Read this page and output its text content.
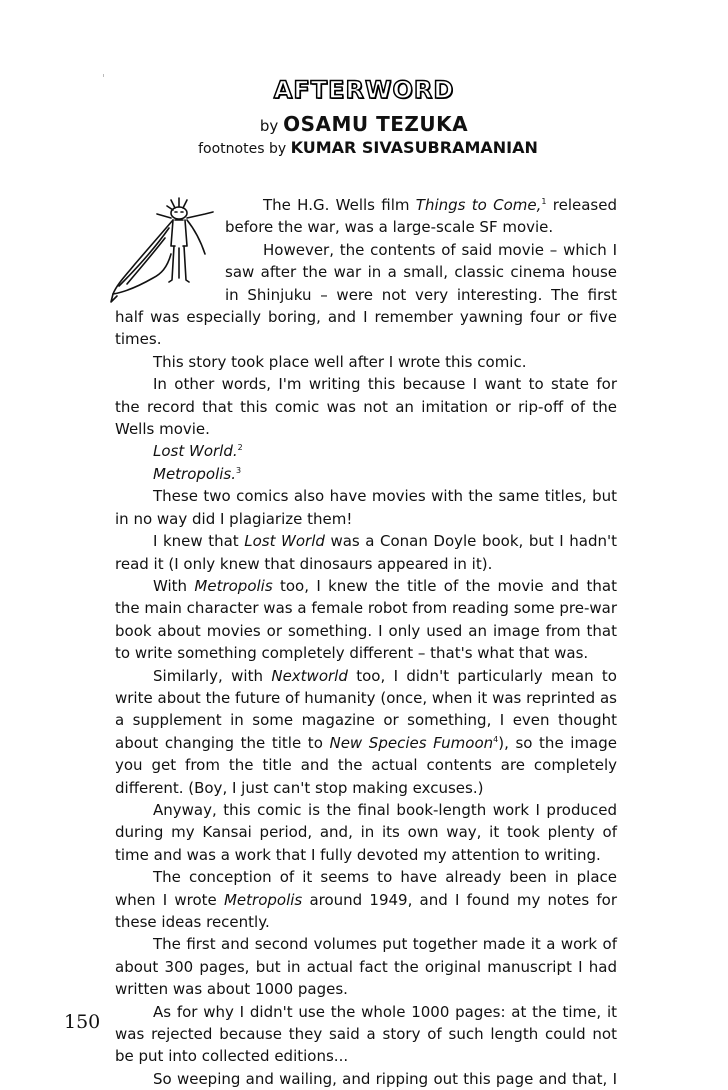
AFTERWORD
by OSAMU TEZUKA
footnotes by KUMAR SIVASUBRAMANIAN

The H.G. Wells film Things to Come,$^1$ released before the war, was a large-scale SF movie.

However, the contents of said movie – which I saw after the war in a small, classic cinema house in Shinjuku – were not very interesting. The first half was especially boring, and I remember yawning four or five times.

This story took place well after I wrote this comic.

In other words, I'm writing this because I want to state for the record that this comic was not an imitation or rip-off of the Wells movie.

Lost World.$^2$

Metropolis.$^3$

These two comics also have movies with the same titles, but in no way did I plagiarize them!

I knew that Lost World was a Conan Doyle book, but I hadn't read it (I only knew that dinosaurs appeared in it).

With Metropolis too, I knew the title of the movie and that the main character was a female robot from reading some pre-war book about movies or something. I only used an image from that to write something completely different – that's what that was.

Similarly, with Nextworld too, I didn't particularly mean to write about the future of humanity (once, when it was reprinted as a supplement in some magazine or something, I even thought about changing the title to New Species Fumoon$^4$), so the image you get from the title and the actual contents are completely different. (Boy, I just can't stop making excuses.)

Anyway, this comic is the final book-length work I produced during my Kansai period, and, in its own way, it took plenty of time and was a work that I fully devoted my attention to writing.

The conception of it seems to have already been in place when I wrote Metropolis around 1949, and I found my notes for these ideas recently.

The first and second volumes put together made it a work of about 300 pages, but in actual fact the original manuscript I had written was about 1000 pages.

As for why I didn't use the whole 1000 pages: at the time, it was rejected because they said a story of such length could not be put into collected editions...

So weeping and wailing, and ripping out this page and that, I

150
